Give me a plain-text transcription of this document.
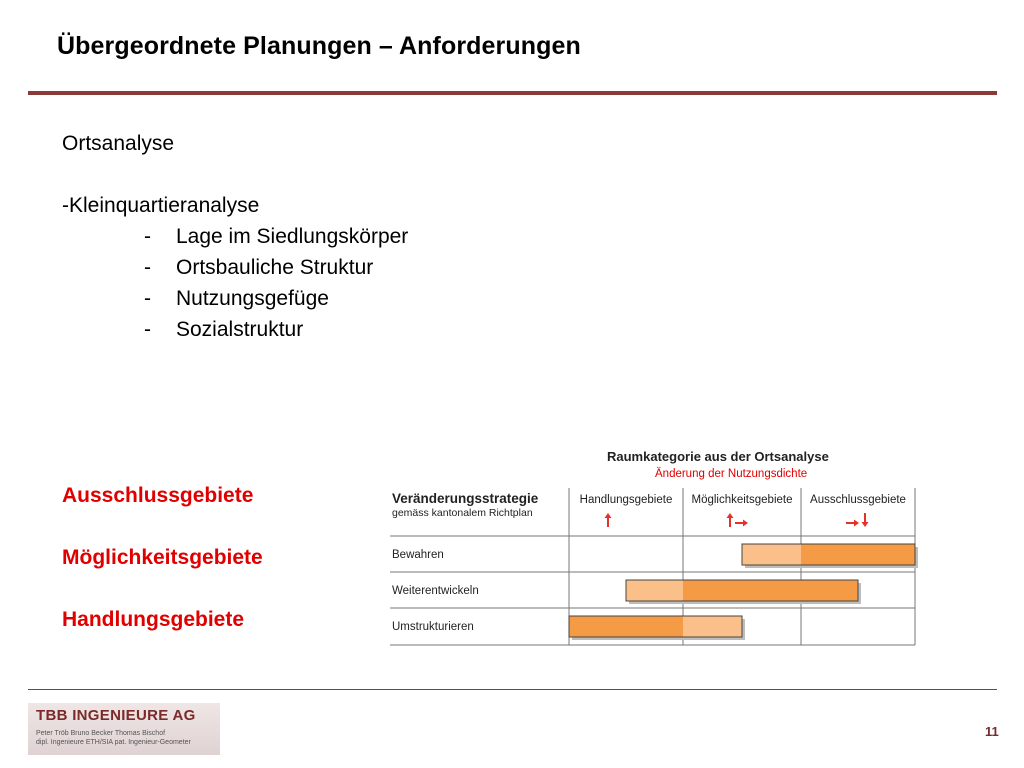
Übergeordnete Planungen – Anforderungen
Ortsanalyse
-Kleinquartieranalyse
- Lage im Siedlungskörper
- Ortsbauliche Struktur
- Nutzungsgefüge
- Sozialstruktur
Ausschlussgebiete
Möglichkeitsgebiete
Handlungsgebiete
Raumkategorie aus der Ortsanalyse
Änderung der Nutzungsdichte
Veränderungsstrategie
gemäss kantonalem Richtplan
Handlungsgebiete Möglichkeitsgebiete Ausschlussgebiete
Bewahren
Weiterentwickeln
Umstrukturieren
TBB INGENIEURE AG
Peter Tröb Bruno Becker Thomas Bischof
dipl. Ingenieure ETH/SIA pat. Ingenieur-Geometer
11
